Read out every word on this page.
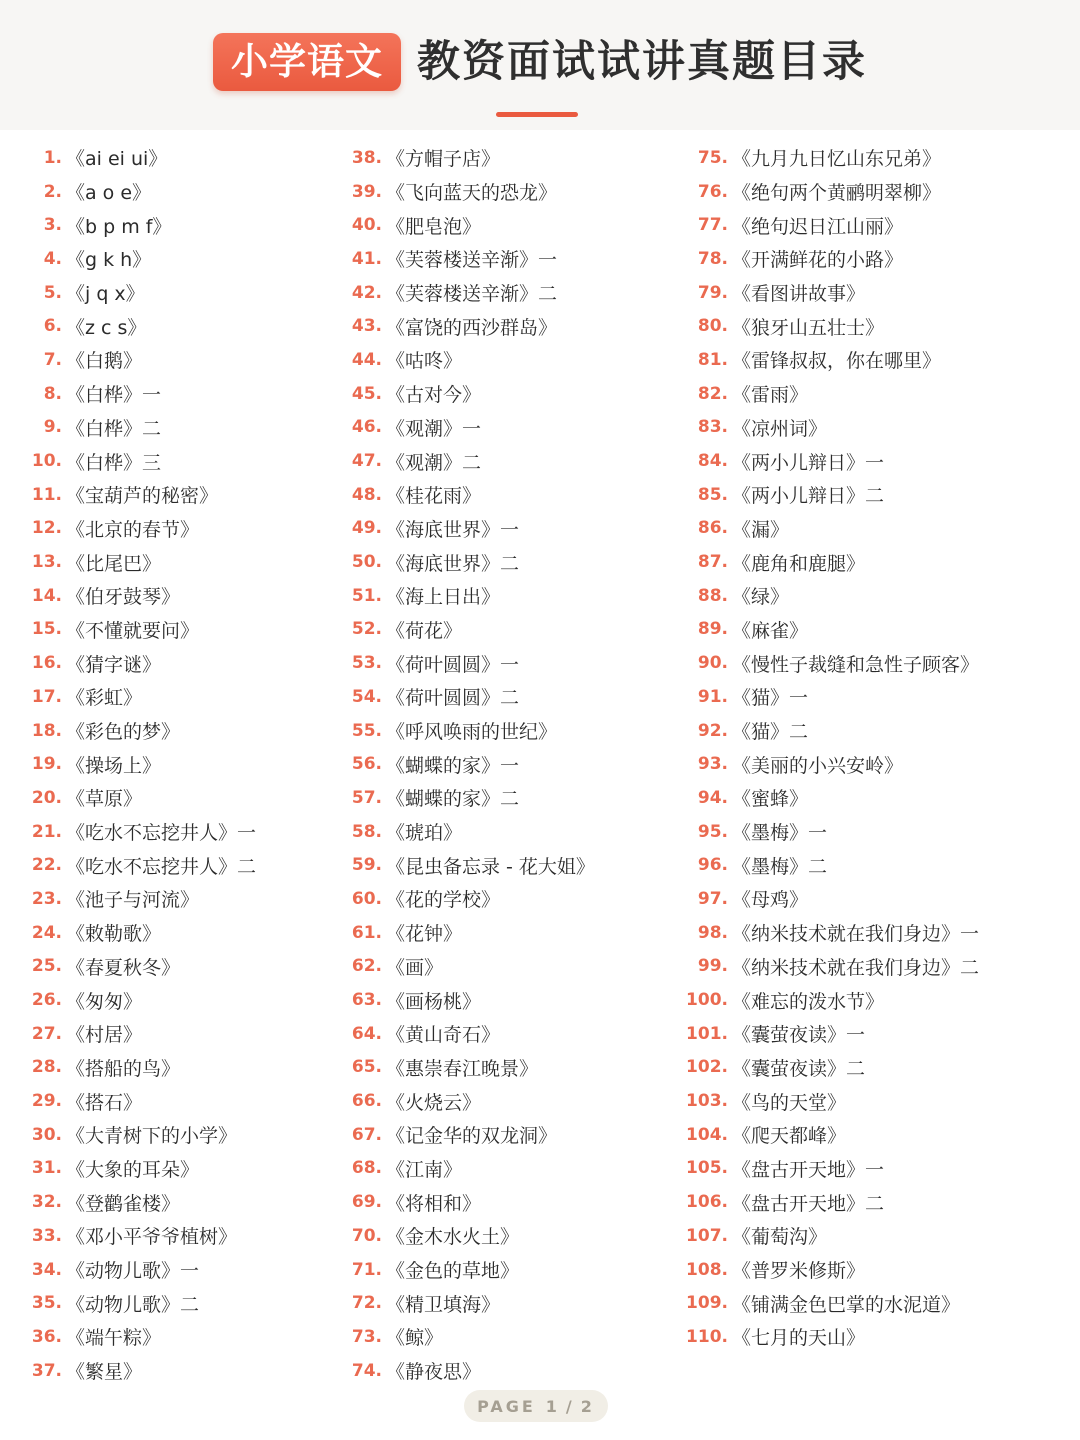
小学语文 教资面试试讲真题目录
1. 《ai ei ui》
2. 《a o e》
3. 《b p m f》
4. 《g k h》
5. 《j q x》
6. 《z c s》
7. 《白鹅》
8. 《白桦》一
9. 《白桦》二
10. 《白桦》三
11. 《宝葫芦的秘密》
12. 《北京的春节》
13. 《比尾巴》
14. 《伯牙鼓琴》
15. 《不懂就要问》
16. 《猜字谜》
17. 《彩虹》
18. 《彩色的梦》
19. 《操场上》
20. 《草原》
21. 《吃水不忘挖井人》一
22. 《吃水不忘挖井人》二
23. 《池子与河流》
24. 《敕勒歌》
25. 《春夏秋冬》
26. 《匆匆》
27. 《村居》
28. 《搭船的鸟》
29. 《搭石》
30. 《大青树下的小学》
31. 《大象的耳朵》
32. 《登鹳雀楼》
33. 《邓小平爷爷植树》
34. 《动物儿歌》一
35. 《动物儿歌》二
36. 《端午粽》
37. 《繁星》
38. 《方帽子店》
39. 《飞向蓝天的恐龙》
40. 《肥皂泡》
41. 《芙蓉楼送辛渐》一
42. 《芙蓉楼送辛渐》二
43. 《富饶的西沙群岛》
44. 《咕咚》
45. 《古对今》
46. 《观潮》一
47. 《观潮》二
48. 《桂花雨》
49. 《海底世界》一
50. 《海底世界》二
51. 《海上日出》
52. 《荷花》
53. 《荷叶圆圆》一
54. 《荷叶圆圆》二
55. 《呼风唤雨的世纪》
56. 《蝴蝶的家》一
57. 《蝴蝶的家》二
58. 《琥珀》
59. 《昆虫备忘录 - 花大姐》
60. 《花的学校》
61. 《花钟》
62. 《画》
63. 《画杨桃》
64. 《黄山奇石》
65. 《惠崇春江晚景》
66. 《火烧云》
67. 《记金华的双龙洞》
68. 《江南》
69. 《将相和》
70. 《金木水火土》
71. 《金色的草地》
72. 《精卫填海》
73. 《鲸》
74. 《静夜思》
75. 《九月九日忆山东兄弟》
76. 《绝句两个黄鹂明翠柳》
77. 《绝句迟日江山丽》
78. 《开满鲜花的小路》
79. 《看图讲故事》
80. 《狼牙山五壮士》
81. 《雷锋叔叔，你在哪里》
82. 《雷雨》
83. 《凉州词》
84. 《两小儿辩日》一
85. 《两小儿辩日》二
86. 《漏》
87. 《鹿角和鹿腿》
88. 《绿》
89. 《麻雀》
90. 《慢性子裁缝和急性子顾客》
91. 《猫》一
92. 《猫》二
93. 《美丽的小兴安岭》
94. 《蜜蜂》
95. 《墨梅》一
96. 《墨梅》二
97. 《母鸡》
98. 《纳米技术就在我们身边》一
99. 《纳米技术就在我们身边》二
100. 《难忘的泼水节》
101. 《囊萤夜读》一
102. 《囊萤夜读》二
103. 《鸟的天堂》
104. 《爬天都峰》
105. 《盘古开天地》一
106. 《盘古开天地》二
107. 《葡萄沟》
108. 《普罗米修斯》
109. 《铺满金色巴掌的水泥道》
110. 《七月的天山》
PAGE 1 / 2
